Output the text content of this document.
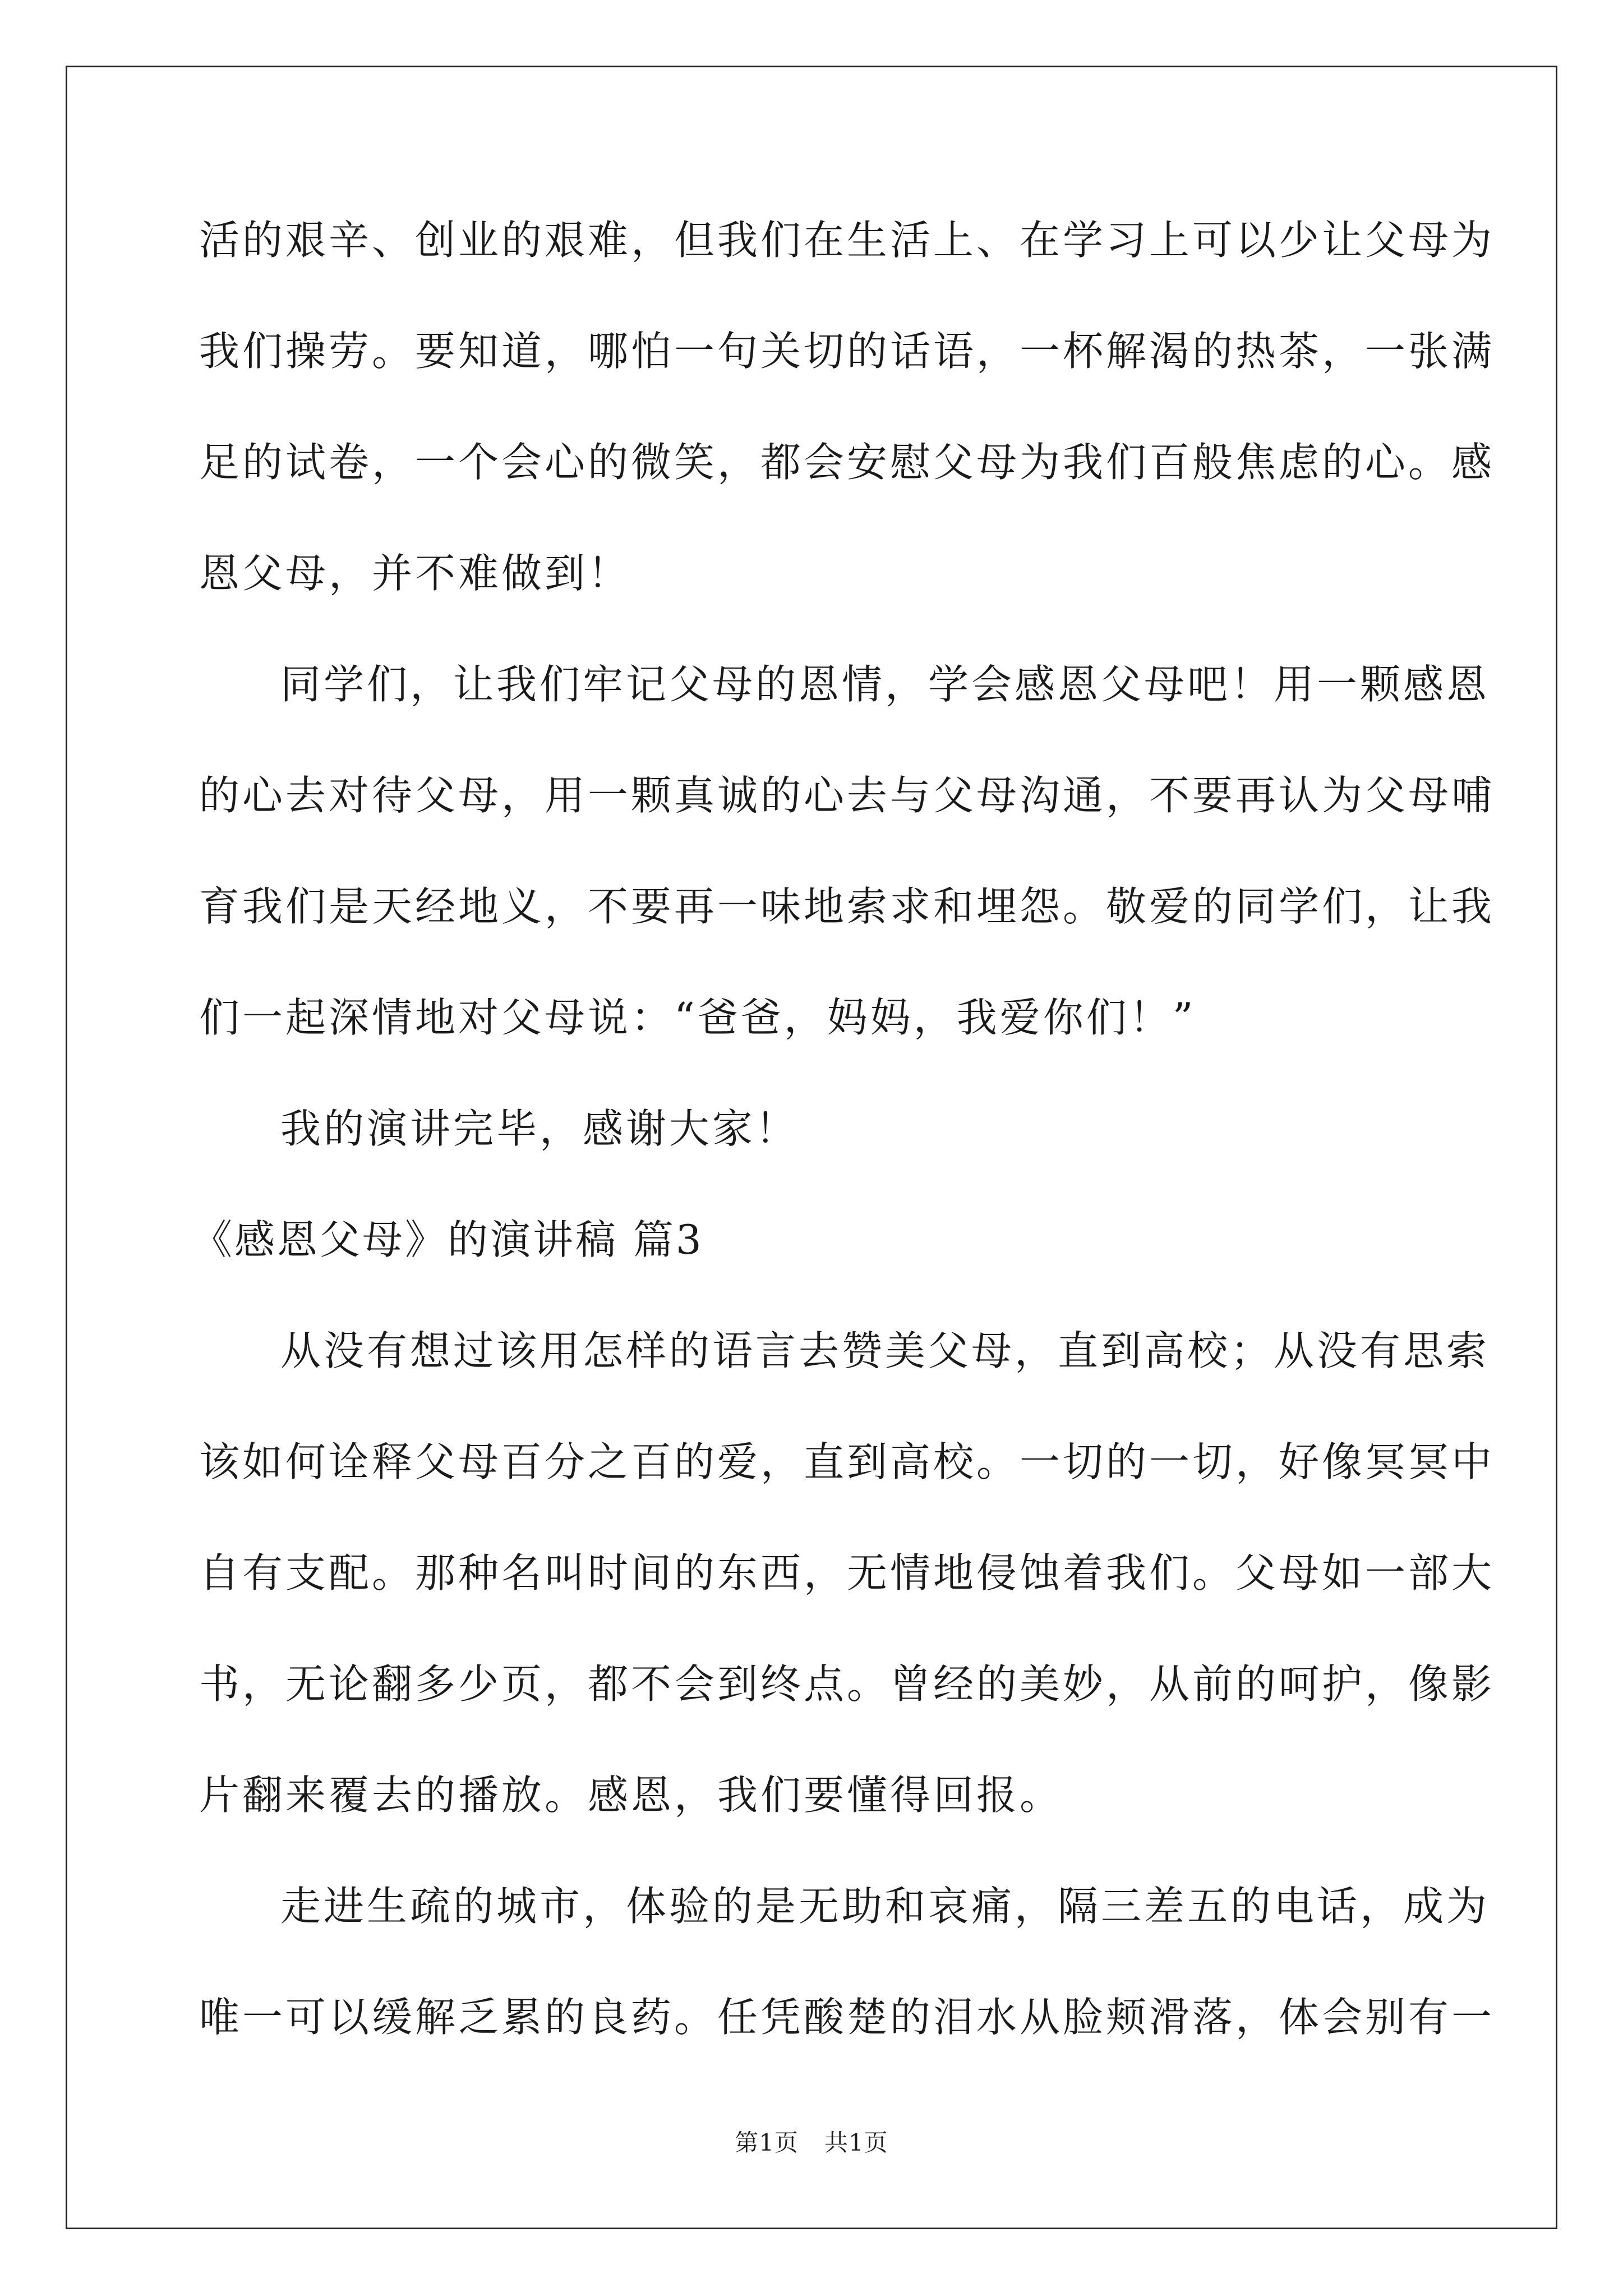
活的艰辛、创业的艰难，但我们在生活上、在学习上可以少让父母为
我们操劳。要知道，哪怕一句关切的话语，一杯解渴的热茶，一张满
足的试卷，一个会心的微笑，都会安慰父母为我们百般焦虑的心。感
恩父母，并不难做到！
同学们，让我们牢记父母的恩情，学会感恩父母吧！用一颗感恩
的心去对待父母，用一颗真诚的心去与父母沟通，不要再认为父母哺
育我们是天经地义，不要再一味地索求和埋怨。敬爱的同学们，让我
们一起深情地对父母说：“爸爸，妈妈，我爱你们！”
我的演讲完毕，感谢大家！
《感恩父母》的演讲稿 篇3
从没有想过该用怎样的语言去赞美父母，直到高校；从没有思索
该如何诠释父母百分之百的爱，直到高校。一切的一切，好像冥冥中
自有支配。那种名叫时间的东西，无情地侵蚀着我们。父母如一部大
书，无论翻多少页，都不会到终点。曾经的美妙，从前的呵护，像影
片翻来覆去的播放。感恩，我们要懂得回报。
走进生疏的城市，体验的是无助和哀痛，隔三差五的电话，成为
唯一可以缓解乏累的良药。任凭酸楚的泪水从脸颊滑落，体会别有一
第1页 共1页
